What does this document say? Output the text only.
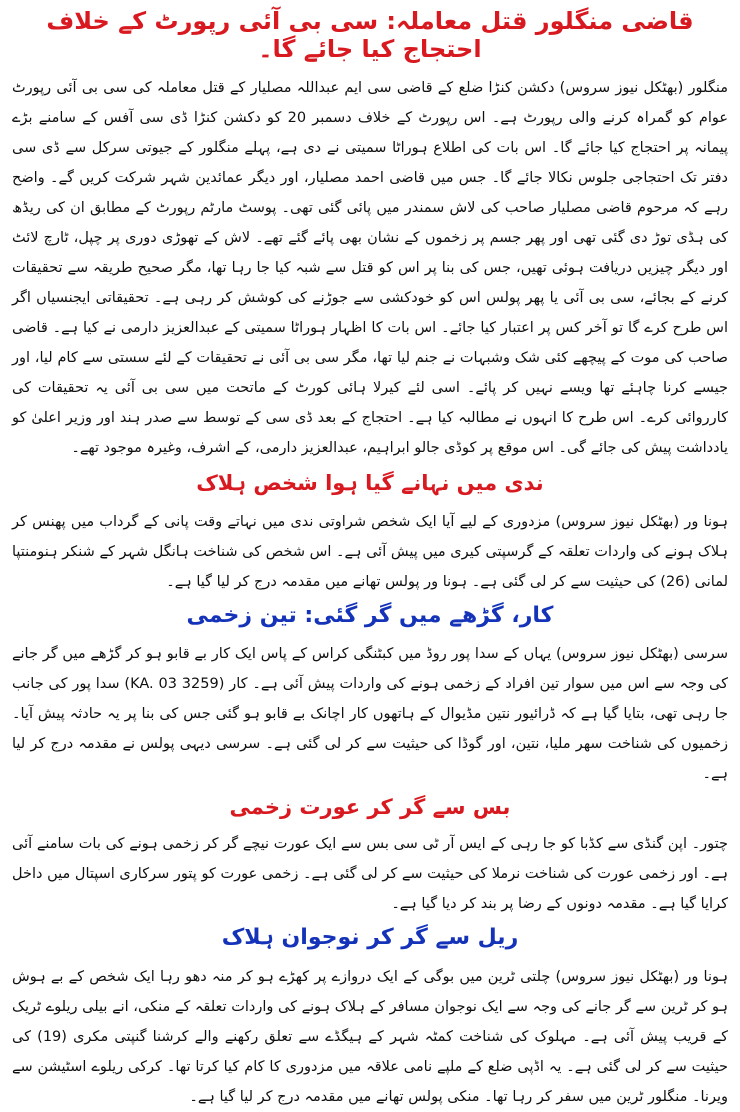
قاضی منگلور قتل معاملہ: سی بی آئی رپورٹ کے خلاف احتجاج کیا جائے گا۔

منگلور (بھٹکل نیوز سروس) دکشن کنڑا ضلع کے قاضی سی ایم عبداللہ مصلیار کے قتل معاملہ کی سی بی آئی رپورٹ عوام کو گمراہ کرنے والی رپورٹ ہے۔ اس رپورٹ کے خلاف دسمبر 20 کو دکشن کنڑا ڈی سی آفس کے سامنے بڑے پیمانہ پر احتجاج کیا جائے گا۔ اس بات کی اطلاع ہوراٹا سمیتی نے دی ہے، پہلے منگلور کے جیوتی سرکل سے ڈی سی دفتر تک احتجاجی جلوس نکالا جائے گا۔ جس میں قاضی احمد مصلیار، اور دیگر عمائدین شہر شرکت کریں گے۔ واضح رہے کہ مرحوم قاضی مصلیار صاحب کی لاش سمندر میں پائی گئی تھی۔ پوسٹ مارٹم رپورٹ کے مطابق ان کی ریڈھ کی ہڈی توڑ دی گئی تھی اور پھر جسم پر زخموں کے نشان بھی پائے گئے تھے۔ لاش کے تھوڑی دوری پر چپل، ٹارچ لائٹ اور دیگر چیزیں دریافت ہوئی تھیں، جس کی بنا پر اس کو قتل سے شبہ کیا جا رہا تھا، مگر صحیح طریقہ سے تحقیقات کرنے کے بجائے، سی بی آئی یا پھر پولس اس کو خودکشی سے جوڑنے کی کوشش کر رہی ہے۔ تحقیقاتی ایجنسیاں اگر اس طرح کرے گا تو آخر کس پر اعتبار کیا جائے۔ اس بات کا اظہار ہوراٹا سمیتی کے عبدالعزیز دارمی نے کیا ہے۔ قاضی صاحب کی موت کے پیچھے کئی شک وشبہات نے جنم لیا تھا، مگر سی بی آئی نے تحقیقات کے لئے سستی سے کام لیا، اور جیسے کرنا چاہئے تھا ویسے نہیں کر پائے۔ اسی لئے کیرلا ہائی کورٹ کے ماتحت میں سی بی آئی یہ تحقیقات کی کارروائی کرے۔ اس طرح کا انہوں نے مطالبہ کیا ہے۔ احتجاج کے بعد ڈی سی کے توسط سے صدر ہند اور وزیر اعلیٰ کو یادداشت پیش کی جائے گی۔ اس موقع پر کوڈی جالو ابراہیم، عبدالعزیز دارمی، کے اشرف، وغیرہ موجود تھے۔

ندی میں نہانے گیا ہوا شخص ہلاک

ہونا ور (بھٹکل نیوز سروس) مزدوری کے لیے آیا ایک شخص شراوتی ندی میں نہاتے وقت پانی کے گرداب میں پھنس کر ہلاک ہونے کی واردات تعلقہ کے گرسپتی کیری میں پیش آئی ہے۔ اس شخص کی شناخت ہانگل شہر کے شنکر ہنومنتپا لمانی (26) کی حیثیت سے کر لی گئی ہے۔ ہونا ور پولس تھانے میں مقدمہ درج کر لیا گیا ہے۔

کار، گڑھے میں گر گئی: تین زخمی

سرسی (بھٹکل نیوز سروس) یہاں کے سدا پور روڈ میں کبٹنگی کراس کے پاس ایک کار بے قابو ہو کر گڑھے میں گر جانے کی وجہ سے اس میں سوار تین افراد کے زخمی ہونے کی واردات پیش آئی ہے۔ کار (KA. 03 3259) سدا پور کی جانب جا رہی تھی، بتایا گیا ہے کہ ڈرائیور نتین مڈیوال کے ہاتھوں کار اچانک بے قابو ہو گئی جس کی بنا پر یہ حادثہ پیش آیا۔ زخمیوں کی شناخت سھر ملیا، نتین، اور گوڈا کی حیثیت سے کر لی گئی ہے۔ سرسی دیہی پولس نے مقدمہ درج کر لیا ہے۔

بس سے گر کر عورت زخمی

چتور۔ اپن گنڈی سے کڈبا کو جا رہی کے ایس آر ٹی سی بس سے ایک عورت نیچے گر کر زخمی ہونے کی بات سامنے آئی ہے۔ اور زخمی عورت کی شناخت نرملا کی حیثیت سے کر لی گئی ہے۔ زخمی عورت کو پتور سرکاری اسپتال میں داخل کرایا گیا ہے۔ مقدمہ دونوں کے رضا پر بند کر دیا گیا ہے۔

ریل سے گر کر نوجوان ہلاک

ہونا ور (بھٹکل نیوز سروس) چلتی ٹرین میں بوگی کے ایک دروازے پر کھڑے ہو کر منہ دھو رہا ایک شخص کے بے ہوش ہو کر ٹرین سے گر جانے کی وجہ سے ایک نوجوان مسافر کے ہلاک ہونے کی واردات تعلقہ کے منکی، انے بیلی ریلوے ٹریک کے قریب پیش آئی ہے۔ مہلوک کی شناخت کمٹہ شہر کے ہیگڈے سے تعلق رکھنے والے کرشنا گنپتی مکری (19) کی حیثیت سے کر لی گئی ہے۔ یہ اڈپی ضلع کے ملپے نامی علاقہ میں مزدوری کا کام کیا کرتا تھا۔ کرکی ریلوے اسٹیشن سے ویرنا۔ منگلور ٹرین میں سفر کر رہا تھا۔ منکی پولس تھانے میں مقدمہ درج کر لیا گیا ہے۔
